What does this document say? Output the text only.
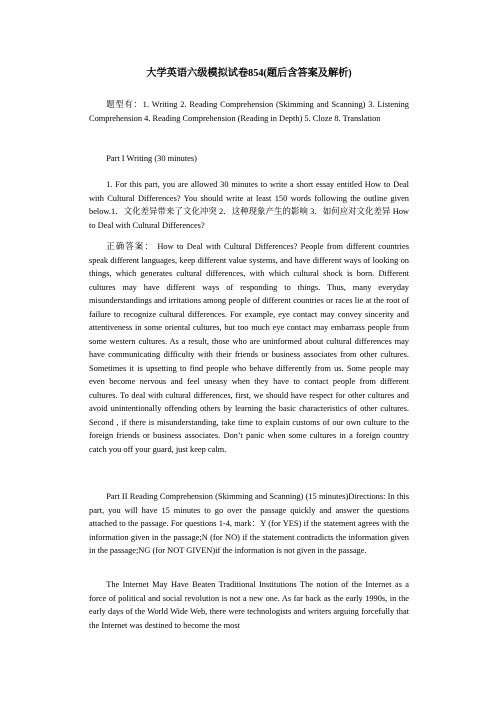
大学英语六级模拟试卷854(题后含答案及解析)
题型有：1. Writing 2. Reading Comprehension (Skimming and Scanning) 3. Listening Comprehension 4. Reading Comprehension (Reading in Depth) 5. Cloze 8. Translation
Part I Writing (30 minutes)
1. For this part, you are allowed 30 minutes to write a short essay entitled How to Deal with Cultural Differences? You should write at least 150 words following the outline given below.1．文化差异带来了文化冲突 2．这种现象产生的影响 3．如何应对文化差异 How to Deal with Cultural Differences?
正确答案： How to Deal with Cultural Differences? People from different countries speak different languages, keep different value systems, and have different ways of looking on things, which generates cultural differences, with which cultural shock is born. Different cultures may have different ways of responding to things. Thus, many everyday misunderstandings and irritations among people of different countries or races lie at the root of failure to recognize cultural differences. For example, eye contact may convey sincerity and attentiveness in some oriental cultures, but too much eye contact may embarrass people from some western cultures. As a result, those who are uninformed about cultural differences may have communicating difficulty with their friends or business associates from other cultures. Sometimes it is upsetting to find people who behave differently from us. Some people may even become nervous and feel uneasy when they have to contact people from different cultures. To deal with cultural differences, first, we should have respect for other cultures and avoid unintentionally offending others by learning the basic characteristics of other cultures. Second , if there is misunderstanding, take time to explain customs of our own culture to the foreign friends or business associates. Don’t panic when some cultures in a foreign country catch you off your guard, just keep calm.
Part II Reading Comprehension (Skimming and Scanning) (15 minutes)Directions: In this part, you will have 15 minutes to go over the passage quickly and answer the questions attached to the passage. For questions 1-4, mark：Y (for YES) if the statement agrees with the information given in the passage;N (for NO) if the statement contradicts the information given in the passage;NG (for NOT GIVEN)if the information is not given in the passage.
The Internet May Have Beaten Traditional Institutions The notion of the Internet as a force of political and social revolution is not a new one. As far back as the early 1990s, in the early days of the World Wide Web, there were technologists and writers arguing forcefully that the Internet was destined to become the most
